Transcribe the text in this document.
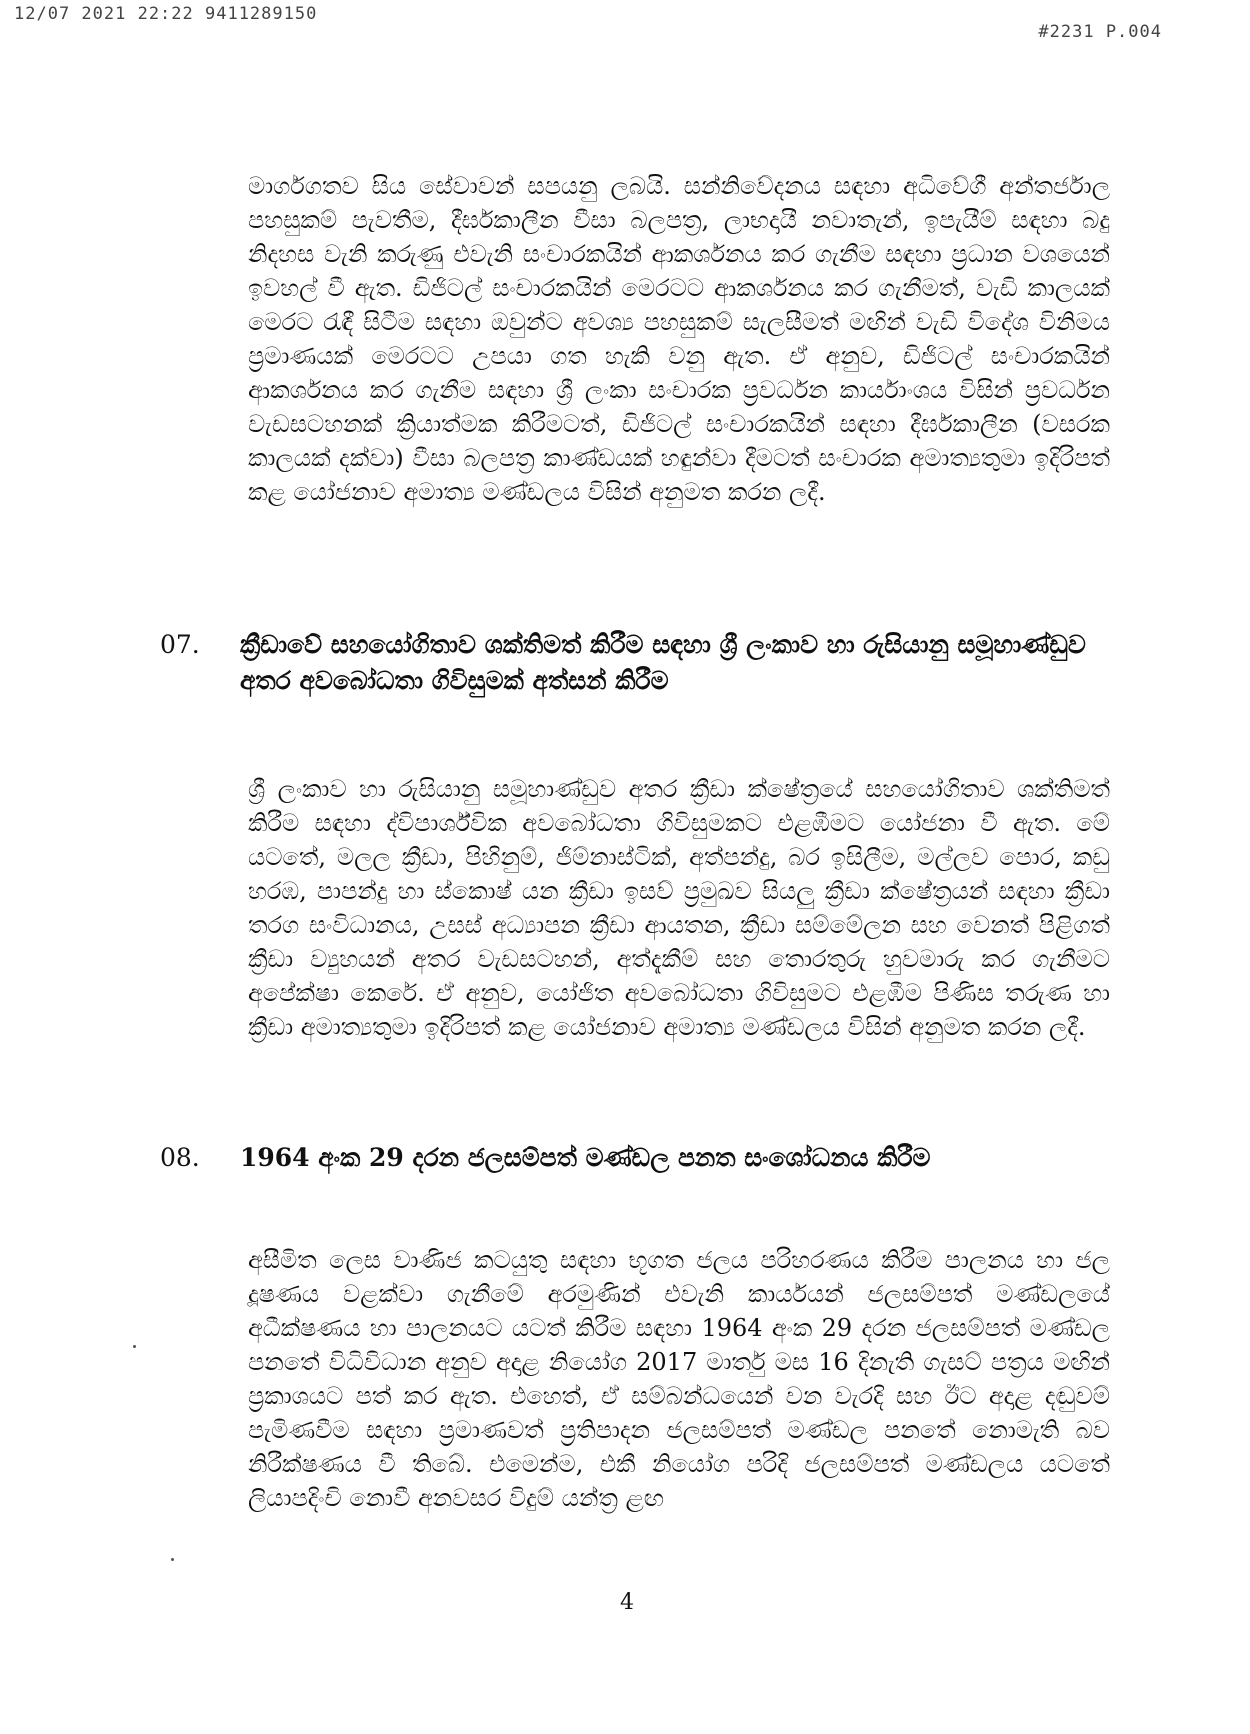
12/07 2021 22:22 9411289150
#2231 P.004

මාර්ගගතව සිය සේවාවන් සපයනු ලබයි. සන්නිවේදනය සඳහා අධිවේගී අන්තර්ජාල පහසුකම් පැවතීම, දීර්ඝකාලීන වීසා බලපත්‍ර, ලාභදායී නවාතැන්, ඉපැයීම් සඳහා බදු නිදහස වැනි කරුණු එවැනි සංචාරකයින් ආකර්ශනය කර ගැනීම සඳහා ප්‍රධාන වශයෙන් ඉවහල් වී ඇත. ඩිජිටල් සංචාරකයින් මෙරටට ආකර්ශනය කර ගැනීමත්, වැඩි කාලයක් මෙරට රැඳී සිටීම සඳහා ඔවුන්ට අවශ්‍ය පහසුකම් සැලසීමත් මඟින් වැඩි විදේශ විනිමය ප්‍රමාණයක් මෙරටට උපයා ගත හැකි වනු ඇත. ඒ අනුව, ඩිජිටල් සංචාරකයින් ආකර්ශනය කර ගැනීම සඳහා ශ්‍රී ලංකා සංචාරක ප්‍රවර්ධන කාර්යාංශය විසින් ප්‍රවර්ධන වැඩසටහනක් ක්‍රියාත්මක කිරීමටත්, ඩිජිටල් සංචාරකයින් සඳහා දීර්ඝකාලීන (වසරක කාලයක් දක්වා) වීසා බලපත්‍ර කාණ්ඩයක් හඳුන්වා දීමටත් සංචාරක අමාත්‍යතුමා ඉදිරිපත් කළ යෝජනාව අමාත්‍ය මණ්ඩලය විසින් අනුමත කරන ලදී.

07.	ක්‍රීඩාවේ සහයෝගිතාව ශක්තිමත් කිරීම සඳහා ශ්‍රී ලංකාව හා රුසියානු සමූහාණ්ඩුව අතර අවබෝධතා ගිවිසුමක් අත්සන් කිරීම

ශ්‍රී ලංකාව හා රුසියානු සමූහාණ්ඩුව අතර ක්‍රීඩා ක්ෂේත්‍රයේ සහයෝගිතාව ශක්තිමත් කිරීම සඳහා ද්විපාර්ශ්වික අවබෝධතා ගිවිසුමකට එළඹීමට යෝජනා වී ඇත. මේ යටතේ, මලල ක්‍රීඩා, පිහිනුම්, ජිම්නාස්ටික්, අත්පන්දු, බර ඉසිලීම, මල්ලව පොර, කඩු හරඹ, පාපන්දු හා ස්කොෂ් යන ක්‍රීඩා ඉසව් ප්‍රමුඛව සියලු ක්‍රීඩා ක්ෂේත්‍රයන් සඳහා ක්‍රීඩා තරග සංවිධානය, උසස් අධ්‍යාපන ක්‍රීඩා ආයතන, ක්‍රීඩා සම්මේලන සහ වෙනත් පිළිගත් ක්‍රීඩා ව්‍යුහයන් අතර වැඩසටහන්, අත්දැකීම් සහ තොරතුරු හුවමාරු කර ගැනීමට අපේක්ෂා කෙරේ. ඒ අනුව, යෝජිත අවබෝධතා ගිවිසුමට එළඹීම පිණිස තරුණ හා ක්‍රීඩා අමාත්‍යතුමා ඉදිරිපත් කළ යෝජනාව අමාත්‍ය මණ්ඩලය විසින් අනුමත කරන ලදී.

08.	1964 අංක 29 දරන ජලසම්පත් මණ්ඩල පනත සංශෝධනය කිරීම

අසීමිත ලෙස වාණිජ කටයුතු සඳහා භූගත ජලය පරිහරණය කිරීම පාලනය හා ජල දූෂණය වළක්වා ගැනීමේ අරමුණින් එවැනි කාර්යයන් ජලසම්පත් මණ්ඩලයේ අධීක්ෂණය හා පාලනයට යටත් කිරීම සඳහා 1964 අංක 29 දරන ජලසම්පත් මණ්ඩල පනතේ විධිවිධාන අනුව අදාළ නියෝග 2017 මාර්තු මස 16 දිනැති ගැසට් පත්‍රය මඟින් ප්‍රකාශයට පත් කර ඇත. එහෙත්, ඒ සම්බන්ධයෙන් වන වැරදි සහ ඊට අදාළ දඬුවම් පැමිණවීම සඳහා ප්‍රමාණවත් ප්‍රතිපාදන ජලසම්පත් මණ්ඩල පනතේ නොමැති බව නිරීක්ෂණය වී තිබේ. එමෙන්ම, එකී නියෝග පරිදි ජලසම්පත් මණ්ඩලය යටතේ ලියාපදිංචි නොවී අනවසර විදුම් යන්ත්‍ර ළඟ

4
